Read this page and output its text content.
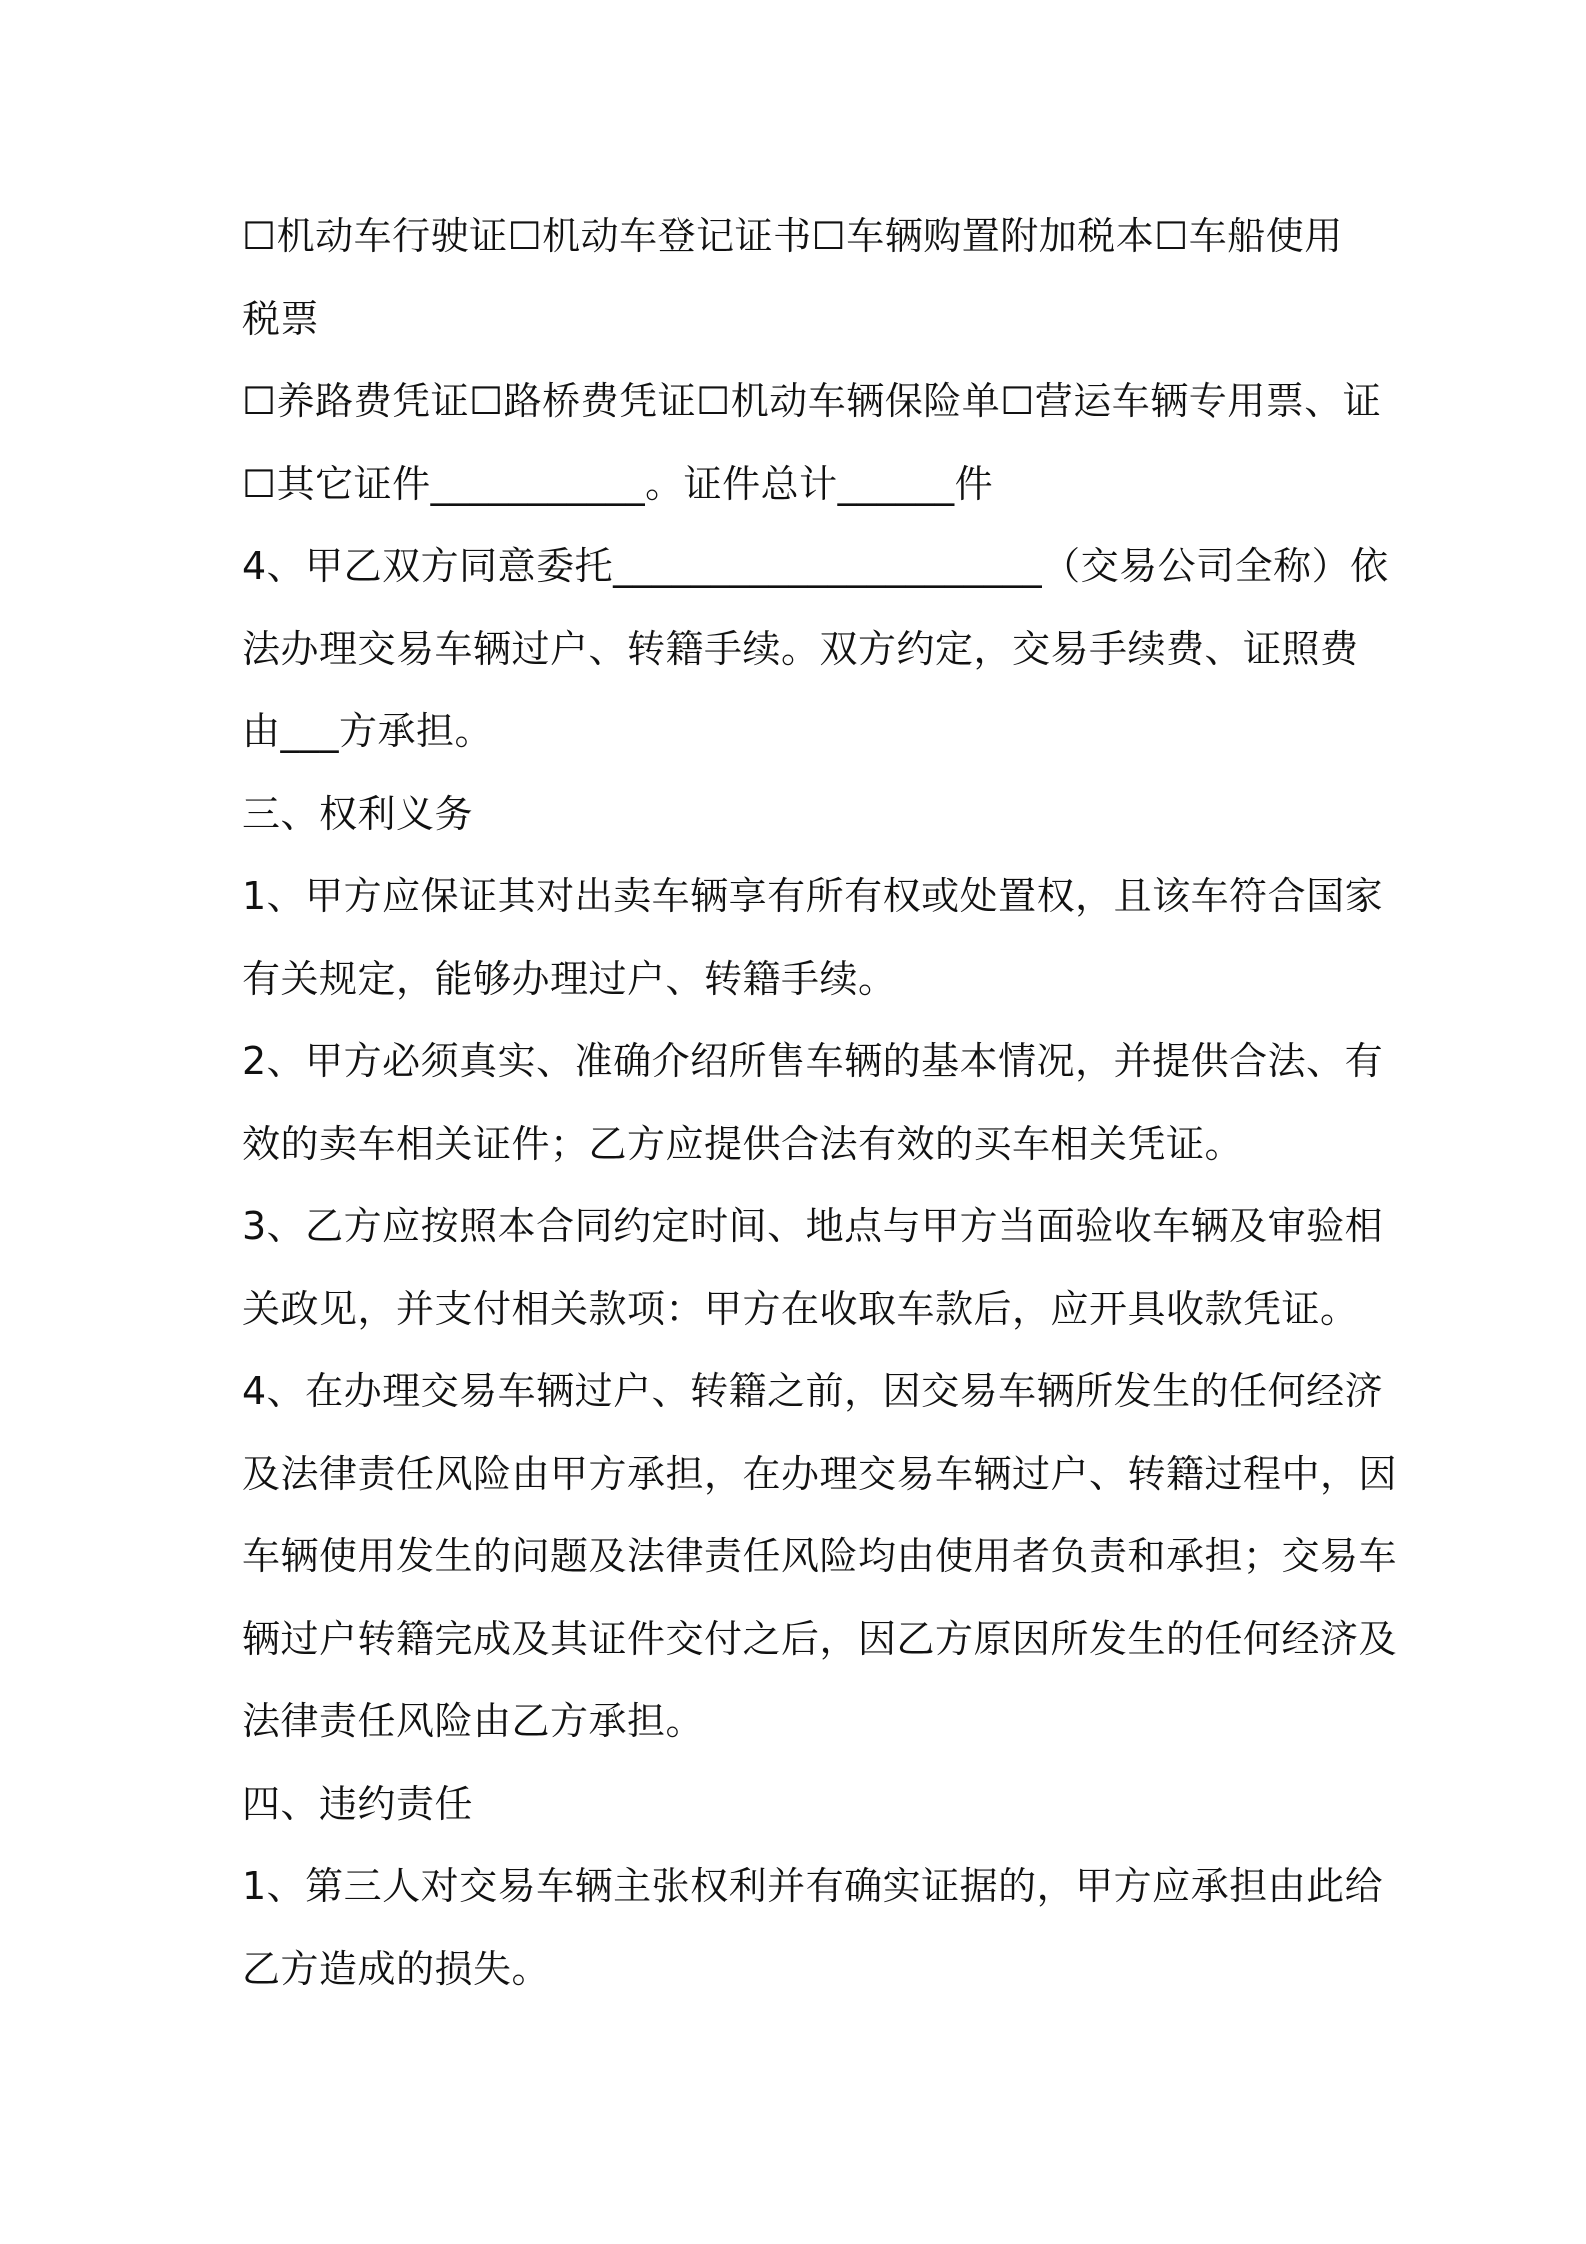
☐机动车行驶证☐机动车登记证书☐车辆购置附加税本☐车船使用
税票
☐养路费凭证☐路桥费凭证☐机动车辆保险单☐营运车辆专用票、证
☐其它证件___________。证件总计______件
4、甲乙双方同意委托______________________（交易公司全称）依
法办理交易车辆过户、转籍手续。双方约定，交易手续费、证照费
由___方承担。
三、权利义务
1、甲方应保证其对出卖车辆享有所有权或处置权，且该车符合国家
有关规定，能够办理过户、转籍手续。
2、甲方必须真实、准确介绍所售车辆的基本情况，并提供合法、有
效的卖车相关证件；乙方应提供合法有效的买车相关凭证。
3、乙方应按照本合同约定时间、地点与甲方当面验收车辆及审验相
关政见，并支付相关款项：甲方在收取车款后，应开具收款凭证。
4、在办理交易车辆过户、转籍之前，因交易车辆所发生的任何经济
及法律责任风险由甲方承担，在办理交易车辆过户、转籍过程中，因
车辆使用发生的问题及法律责任风险均由使用者负责和承担；交易车
辆过户转籍完成及其证件交付之后，因乙方原因所发生的任何经济及
法律责任风险由乙方承担。
四、违约责任
1、第三人对交易车辆主张权利并有确实证据的，甲方应承担由此给
乙方造成的损失。
